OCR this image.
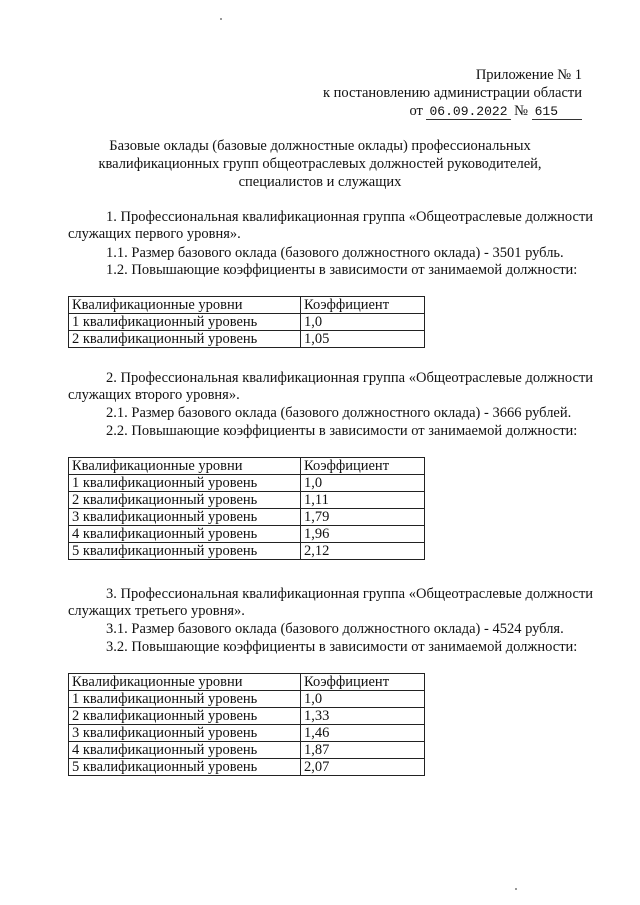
Приложение № 1
к постановлению администрации области
от 06.09.2022 № 615
Базовые оклады (базовые должностные оклады) профессиональных
квалификационных групп общеотраслевых должностей руководителей,
специалистов и служащих
1. Профессиональная квалификационная группа «Общеотраслевые должности служащих первого уровня».
1.1. Размер базового оклада (базового должностного оклада) - 3501 рубль.
1.2. Повышающие коэффициенты в зависимости от занимаемой должности:
Квалификационные уровни	Коэффициент
1 квалификационный уровень	1,0
2 квалификационный уровень	1,05
2. Профессиональная квалификационная группа «Общеотраслевые должности служащих второго уровня».
2.1. Размер базового оклада (базового должностного оклада) - 3666 рублей.
2.2. Повышающие коэффициенты в зависимости от занимаемой должности:
Квалификационные уровни	Коэффициент
1 квалификационный уровень	1,0
2 квалификационный уровень	1,11
3 квалификационный уровень	1,79
4 квалификационный уровень	1,96
5 квалификационный уровень	2,12
3. Профессиональная квалификационная группа «Общеотраслевые должности служащих третьего уровня».
3.1. Размер базового оклада (базового должностного оклада) - 4524 рубля.
3.2. Повышающие коэффициенты в зависимости от занимаемой должности:
Квалификационные уровни	Коэффициент
1 квалификационный уровень	1,0
2 квалификационный уровень	1,33
3 квалификационный уровень	1,46
4 квалификационный уровень	1,87
5 квалификационный уровень	2,07
